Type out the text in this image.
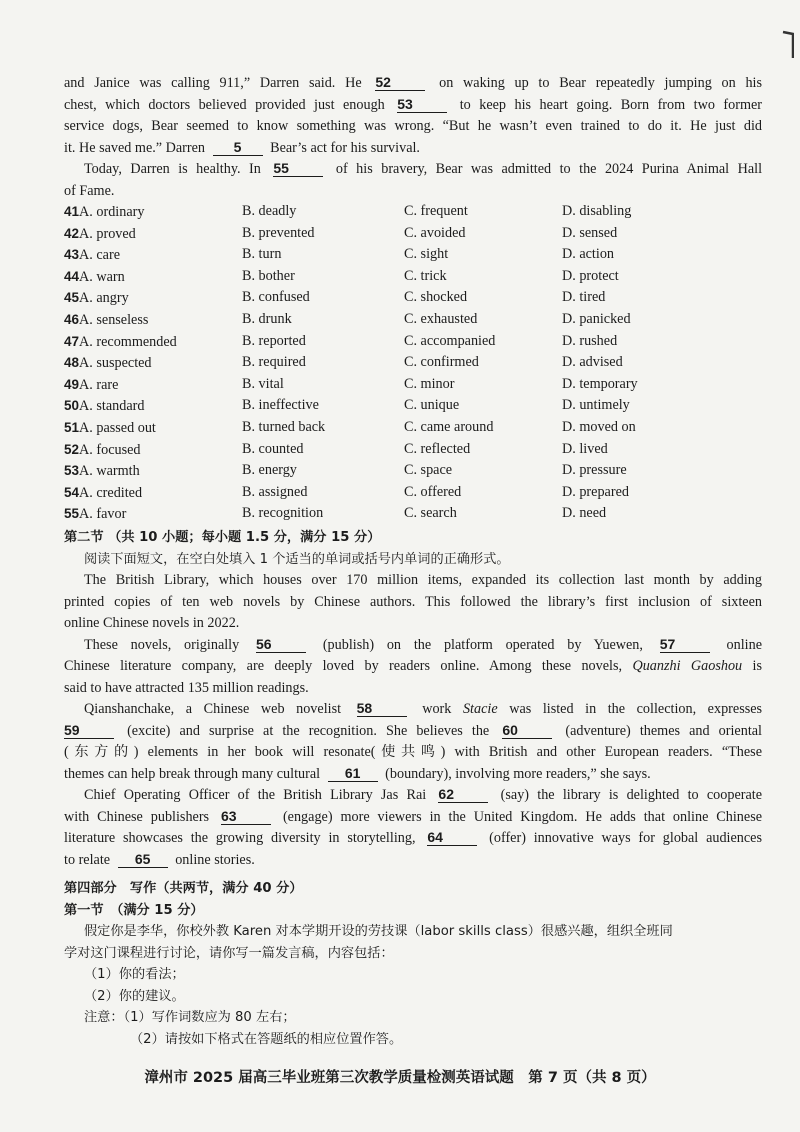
and Janice was calling 911,” Darren said. He 52	on waking up to Bear repeatedly jumping on his
chest, which doctors believed provided just enough 53	to keep his heart going. Born from two former
service dogs, Bear seemed to know something was wrong. “But he wasn’t even trained to do it. He just did
it. He saved me.” Darren 5 Bear’s act for his survival.
Today, Darren is healthy. In 55	of his bravery, Bear was admitted to the 2024 Purina Animal Hall
of Fame.
41A. ordinary	B. deadly	C. frequent	D. disabling
42A. proved	B. prevented	C. avoided	D. sensed
43A. care	B. turn	C. sight	D. action
44A. warn	B. bother	C. trick	D. protect
45A. angry	B. confused	C. shocked	D. tired
46A. senseless	B. drunk	C. exhausted	D. panicked
47A. recommended	B. reported	C. accompanied	D. rushed
48A. suspected	B. required	C. confirmed	D. advised
49A. rare	B. vital	C. minor	D. temporary
50A. standard	B. ineffective	C. unique	D. untimely
51A. passed out	B. turned back	C. came around	D. moved on
52A. focused	B. counted	C. reflected	D. lived
53A. warmth	B. energy	C. space	D. pressure
54A. credited	B. assigned	C. offered	D. prepared
55A. favor	B. recognition	C. search	D. need
第二节 （共 10 小题；每小题 1.5 分，满分 15 分）
阅读下面短文，在空白处填入 1 个适当的单词或括号内单词的正确形式。
The British Library, which houses over 170 million items, expanded its collection last month by adding
printed copies of ten web novels by Chinese authors. This followed the library’s first inclusion of sixteen
online Chinese novels in 2022.
These novels, originally 56	(publish) on the platform operated by Yuewen, 57	online
Chinese literature company, are deeply loved by readers online. Among these novels, Quanzhi Gaoshou is
said to have attracted 135 million readings.
Qianshanchake, a Chinese web novelist 58	work Stacie was listed in the collection, expresses
59	(excite) and surprise at the recognition. She believes the 60	(adventure) themes and oriental
(东方的) elements in her book will resonate(使共鸣) with British and other European readers. “These
themes can help break through many cultural 61 (boundary), involving more readers,” she says.
Chief Operating Officer of the British Library Jas Rai 62	(say) the library is delighted to cooperate
with Chinese publishers 63	(engage) more viewers in the United Kingdom. He adds that online Chinese
literature showcases the growing diversity in storytelling, 64	(offer) innovative ways for global audiences
to relate 65 online stories.
第四部分　写作（共两节，满分 40 分）
第一节　（满分 15 分）
假定你是李华，你校外教 Karen 对本学期开设的劳技课（labor skills class）很感兴趣，组织全班同
学对这门课程进行讨论，请你写一篇发言稿，内容包括：
（1）你的看法；
（2）你的建议。
注意：（1）写作词数应为 80 左右；
（2）请按如下格式在答题纸的相应位置作答。
漳州市 2025 届高三毕业班第三次教学质量检测英语试题　第 7 页（共 8 页）
